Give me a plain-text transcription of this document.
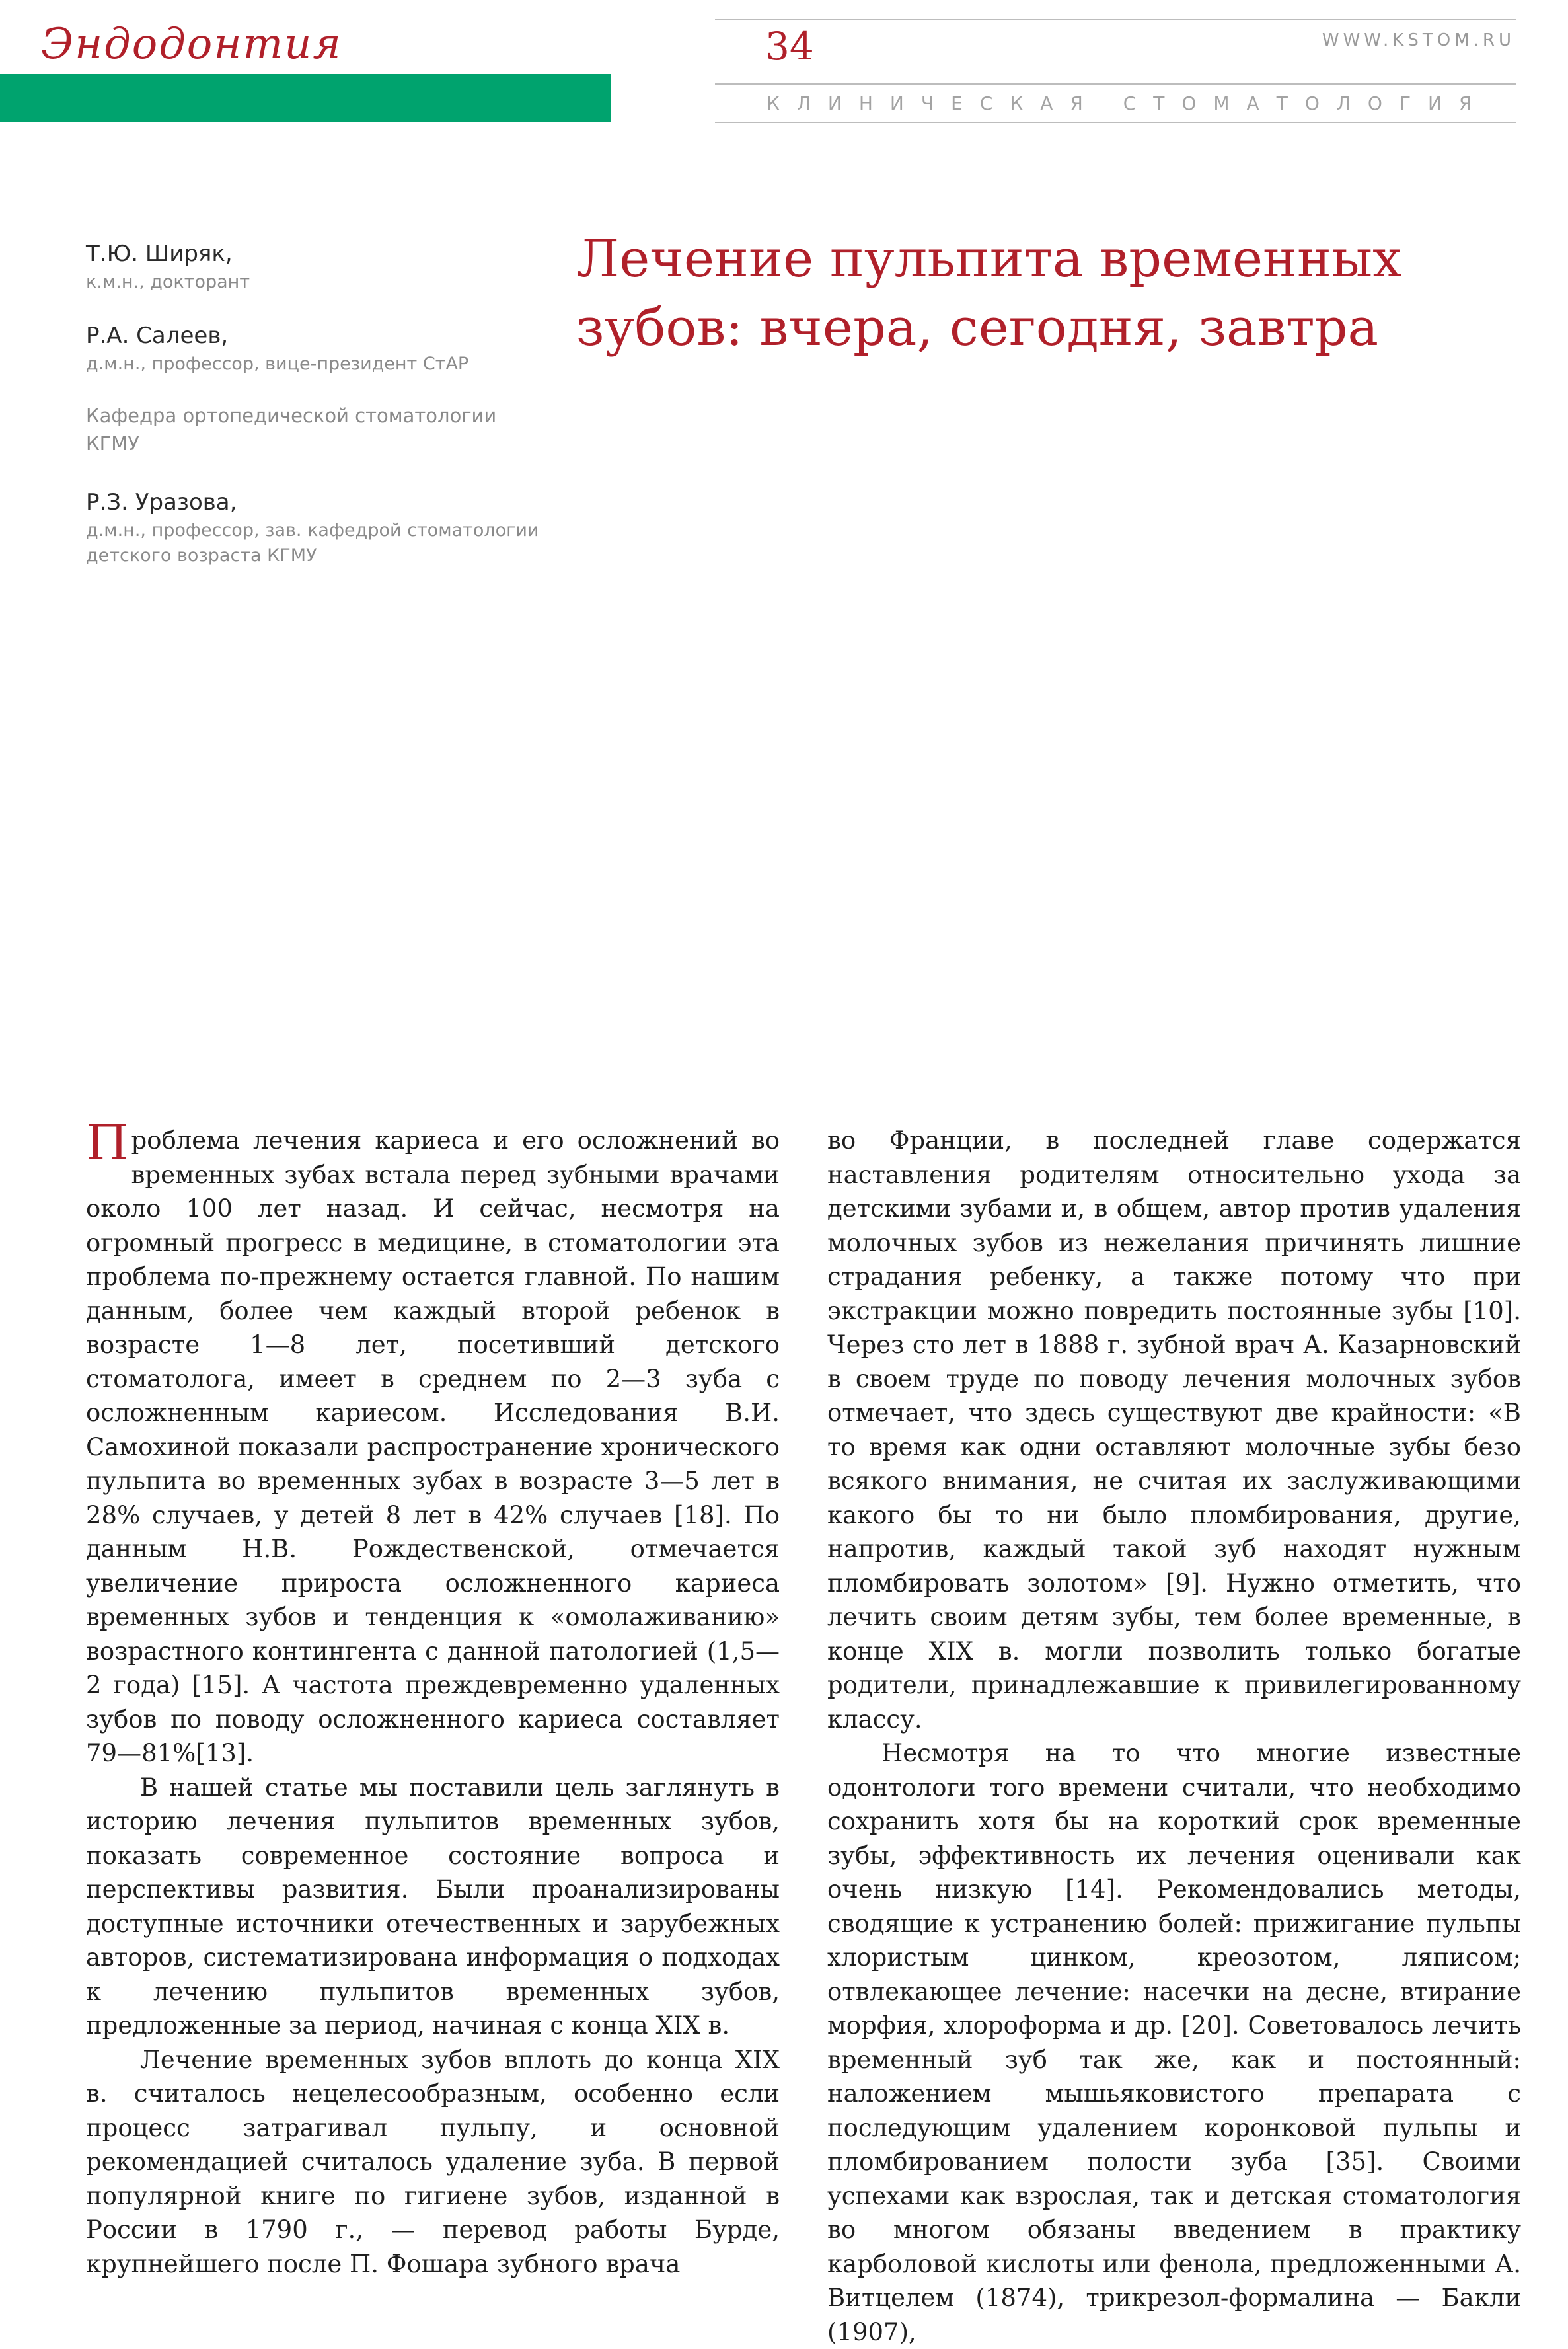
Эндодонтия	34	WWW.KSTOM.RU
КЛИНИЧЕСКАЯ СТОМАТОЛОГИЯ

Т.Ю. Ширяк,

к.м.н., докторант

Р.А. Салеев,

д.м.н., профессор, вице-президент СтАР

Кафедра ортопедической стоматологии КГМУ

Р.З. Уразова,

д.м.н., профессор, зав. кафедрой стоматологии детского возраста КГМУ

Лечение пульпита временных зубов: вчера, сегодня, завтра

Проблема лечения кариеса и его осложнений во временных зубах встала перед зубными врачами около 100 лет назад. И сейчас, несмотря на огромный прогресс в медицине, в стоматологии эта проблема по-прежнему остается главной. По нашим данным, более чем каждый второй ребенок в возрасте 1—8 лет, посетивший детского стоматолога, имеет в среднем по 2—3 зуба с осложненным кариесом. Исследования В.И. Самохиной показали распространение хронического пульпита во временных зубах в возрасте 3—5 лет в 28% случаев, у детей 8 лет в 42% случаев [18]. По данным Н.В. Рождественской, отмечается увеличение прироста осложненного кариеса временных зубов и тенденция к «омолаживанию» возрастного контингента с данной патологией (1,5—2 года) [15]. А частота преждевременно удаленных зубов по поводу осложненного кариеса составляет 79—81%[13].

В нашей статье мы поставили цель заглянуть в историю лечения пульпитов временных зубов, показать современное состояние вопроса и перспективы развития. Были проанализированы доступные источники отечественных и зарубежных авторов, систематизирована информация о подходах к лечению пульпитов временных зубов, предложенные за период, начиная с конца XIX в.

Лечение временных зубов вплоть до конца XIX в. считалось нецелесообразным, особенно если процесс затрагивал пульпу, и основной рекомендацией считалось удаление зуба. В первой популярной книге по гигиене зубов, изданной в России в 1790 г., — перевод работы Бурде, крупнейшего после П. Фошара зубного врача

во Франции, в последней главе содержатся наставления родителям относительно ухода за детскими зубами и, в общем, автор против удаления молочных зубов из нежелания причинять лишние страдания ребенку, а также потому что при экстракции можно повредить постоянные зубы [10]. Через сто лет в 1888 г. зубной врач А. Казарновский в своем труде по поводу лечения молочных зубов отмечает, что здесь существуют две крайности: «В то время как одни оставляют молочные зубы безо всякого внимания, не считая их заслуживающими какого бы то ни было пломбирования, другие, напротив, каждый такой зуб находят нужным пломбировать золотом» [9]. Нужно отметить, что лечить своим детям зубы, тем более временные, в конце XIX в. могли позволить только богатые родители, принадлежавшие к привилегированному классу.

Несмотря на то что многие известные одонтологи того времени считали, что необходимо сохранить хотя бы на короткий срок временные зубы, эффективность их лечения оценивали как очень низкую [14]. Рекомендовались методы, сводящие к устранению болей: прижигание пульпы хлористым цинком, креозотом, ляписом; отвлекающее лечение: насечки на десне, втирание морфия, хлороформа и др. [20]. Советовалось лечить временный зуб так же, как и постоянный: наложением мышьяковистого препарата с последующим удалением коронковой пульпы и пломбированием полости зуба [35]. Своими успехами как взрослая, так и детская стоматология во многом обязаны введением в практику карболовой кислоты или фенола, предложенными А. Витцелем (1874), трикрезол-формалина — Бакли (1907),
